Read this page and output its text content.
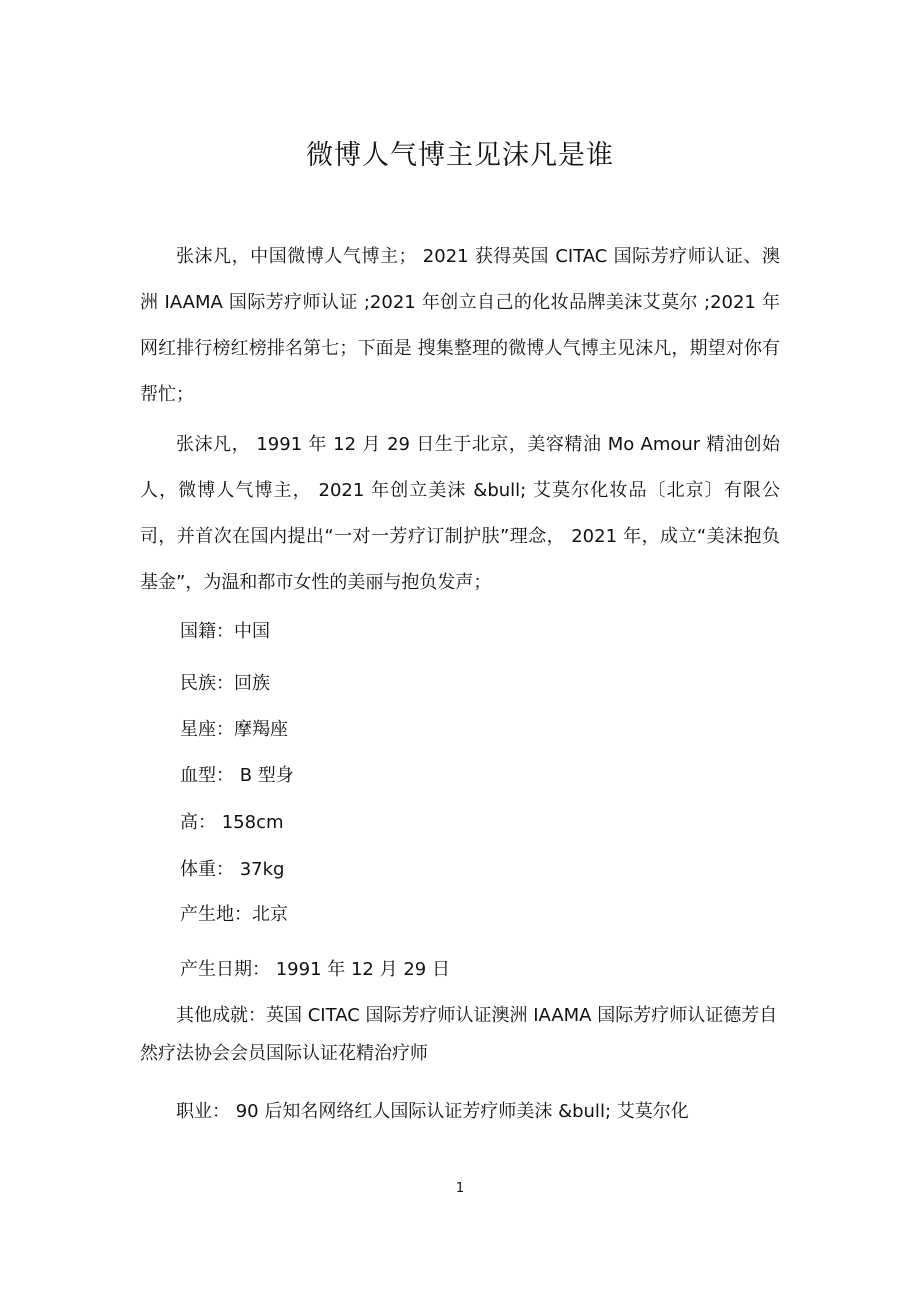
微博人气博主见沫凡是谁

张沫凡，中国微博人气博主； 2021 获得英国 CITAC 国际芳疗师认证、澳洲 IAAMA 国际芳疗师认证 ;2021 年创立自己的化妆品牌美沫艾莫尔 ;2021 年网红排行榜红榜排名第七；下面是 搜集整理的微博人气博主见沫凡，期望对你有帮忙；

张沫凡， 1991 年 12 月 29 日生于北京，美容精油 Mo Amour 精油创始人，微博人气博主， 2021 年创立美沫 &bull; 艾莫尔化妆品〔北京〕有限公司，并首次在国内提出“一对一芳疗订制护肤”理念， 2021 年，成立“美沫抱负基金”，为温和都市女性的美丽与抱负发声；

国籍：中国

民族：回族

星座：摩羯座

血型： B 型身

高： 158cm

体重： 37kg

产生地：北京

产生日期： 1991 年 12 月 29 日

其他成就：英国 CITAC 国际芳疗师认证澳洲 IAAMA 国际芳疗师认证德芳自然疗法协会会员国际认证花精治疗师

职业： 90 后知名网络红人国际认证芳疗师美沫 &bull; 艾莫尔化

1
